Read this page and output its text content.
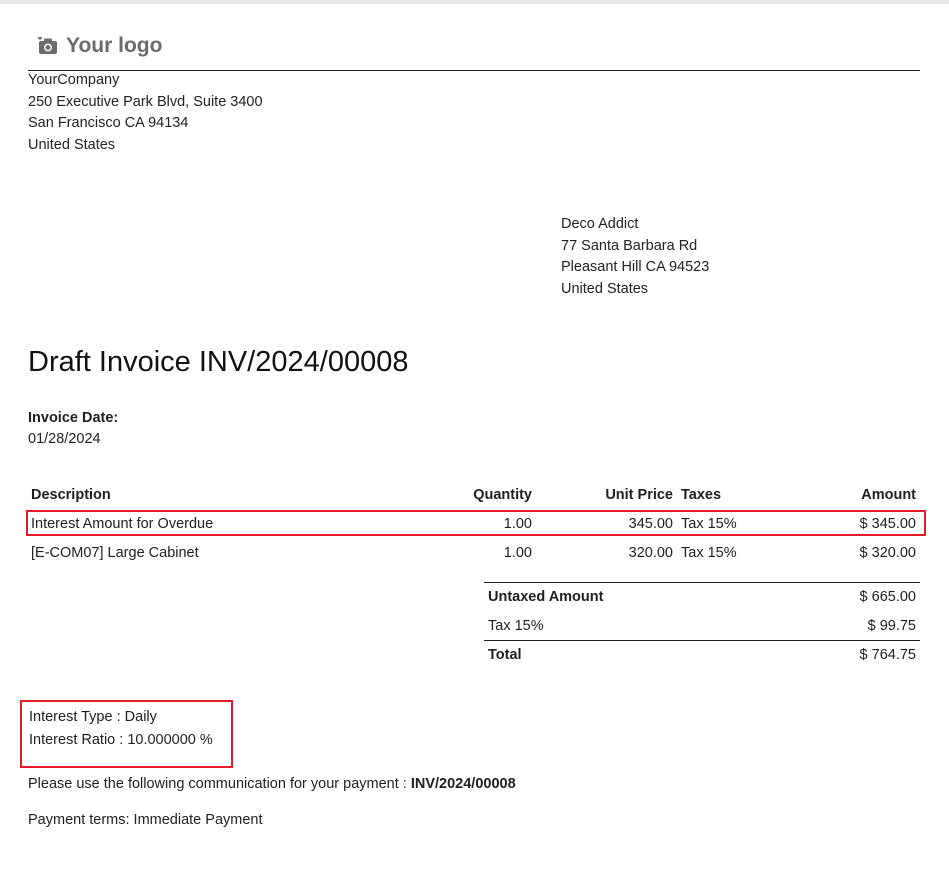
Your logo
YourCompany
250 Executive Park Blvd, Suite 3400
San Francisco CA 94134
United States
Deco Addict
77 Santa Barbara Rd
Pleasant Hill CA 94523
United States
Draft Invoice INV/2024/00008
Invoice Date:
01/28/2024
Description	Quantity	Unit Price Taxes	Amount
Interest Amount for Overdue	1.00	345.00 Tax 15%	$ 345.00
[E-COM07] Large Cabinet	1.00	320.00 Tax 15%	$ 320.00
Untaxed Amount	$ 665.00
Tax 15%	$ 99.75
Total	$ 764.75
Interest Type : Daily
Interest Ratio : 10.000000 %
Please use the following communication for your payment : INV/2024/00008
Payment terms: Immediate Payment
